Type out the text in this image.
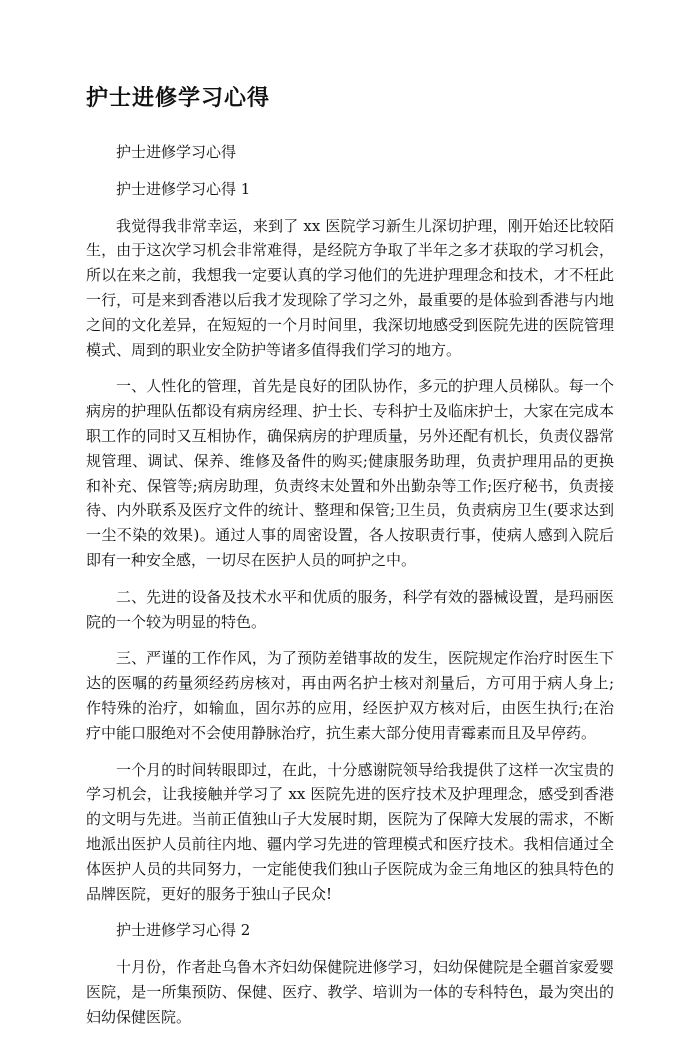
护士进修学习心得

护士进修学习心得

护士进修学习心得 1

我觉得我非常幸运，来到了 xx 医院学习新生儿深切护理，刚开始还比较陌生，由于这次学习机会非常难得，是经院方争取了半年之多才获取的学习机会，所以在来之前，我想我一定要认真的学习他们的先进护理理念和技术，才不枉此一行，可是来到香港以后我才发现除了学习之外，最重要的是体验到香港与内地之间的文化差异，在短短的一个月时间里，我深切地感受到医院先进的医院管理模式、周到的职业安全防护等诸多值得我们学习的地方。

一、人性化的管理，首先是良好的团队协作，多元的护理人员梯队。每一个病房的护理队伍都设有病房经理、护士长、专科护士及临床护士，大家在完成本职工作的同时又互相协作，确保病房的护理质量，另外还配有机长，负责仪器常规管理、调试、保养、维修及备件的购买;健康服务助理，负责护理用品的更换和补充、保管等;病房助理，负责终末处置和外出勤杂等工作;医疗秘书，负责接待、内外联系及医疗文件的统计、整理和保管;卫生员，负责病房卫生(要求达到一尘不染的效果)。通过人事的周密设置，各人按职责行事，使病人感到入院后即有一种安全感，一切尽在医护人员的呵护之中。

二、先进的设备及技术水平和优质的服务，科学有效的器械设置，是玛丽医院的一个较为明显的特色。

三、严谨的工作作风，为了预防差错事故的发生，医院规定作治疗时医生下达的医嘱的药量须经药房核对，再由两名护士核对剂量后，方可用于病人身上;作特殊的治疗，如输血，固尔苏的应用，经医护双方核对后，由医生执行;在治疗中能口服绝对不会使用静脉治疗，抗生素大部分使用青霉素而且及早停药。

一个月的时间转眼即过，在此，十分感谢院领导给我提供了这样一次宝贵的学习机会，让我接触并学习了 xx 医院先进的医疗技术及护理理念，感受到香港的文明与先进。当前正值独山子大发展时期，医院为了保障大发展的需求，不断地派出医护人员前往内地、疆内学习先进的管理模式和医疗技术。我相信通过全体医护人员的共同努力，一定能使我们独山子医院成为金三角地区的独具特色的品牌医院，更好的服务于独山子民众!

护士进修学习心得 2

十月份，作者赴乌鲁木齐妇幼保健院进修学习，妇幼保健院是全疆首家爱婴医院，是一所集预防、保健、医疗、教学、培训为一体的专科特色，最为突出的妇幼保健医院。
